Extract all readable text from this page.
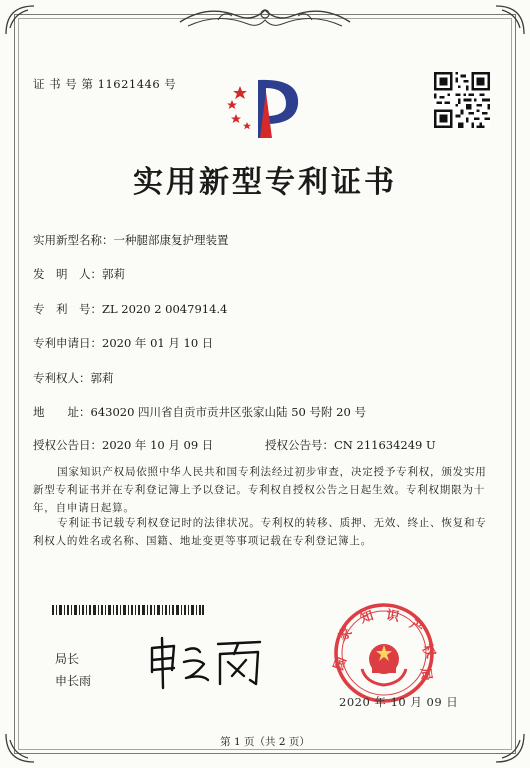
证 书 号 第 11621446 号
实用新型专利证书
实用新型名称：一种腿部康复护理装置
发　明　人：郭莉
专　利　号：ZL 2020 2 0047914.4
专利申请日：2020 年 01 月 10 日
专利权人：郭莉
地　　址：643020 四川省自贡市贡井区张家山陆 50 号附 20 号
授权公告日：2020 年 10 月 09 日	授权公告号：CN 211634249 U

国家知识产权局依照中华人民共和国专利法经过初步审查，决定授予专利权，颁发实用新型专利证书并在专利登记簿上予以登记。专利权自授权公告之日起生效。专利权期限为十年，自申请日起算。

专利证书记载专利权登记时的法律状况。专利权的转移、质押、无效、终止、恢复和专利权人的姓名或名称、国籍、地址变更等事项记载在专利登记簿上。

局长
申长雨
国
家
知 识
产
权
局
2020 年 10 月 09 日
第 1 页（共 2 页）
